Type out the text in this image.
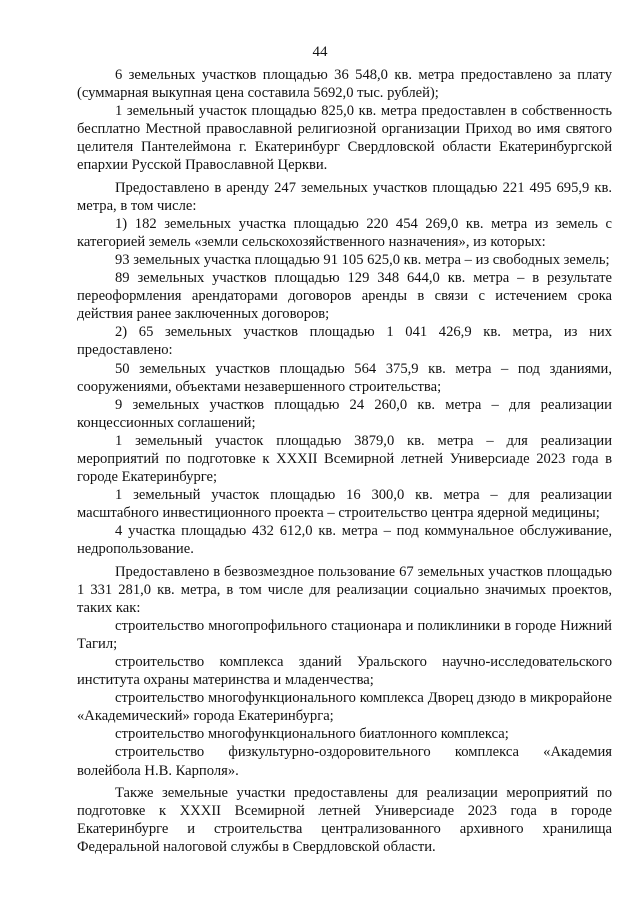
44

6 земельных участков площадью 36 548,0 кв. метра предоставлено за плату (суммарная выкупная цена составила 5692,0 тыс. рублей);

1 земельный участок площадью 825,0 кв. метра предоставлен в собственность бесплатно Местной православной религиозной организации Приход во имя святого целителя Пантелеймона г. Екатеринбург Свердловской области Екатеринбургской епархии Русской Православной Церкви.

Предоставлено в аренду 247 земельных участков площадью 221 495 695,9 кв. метра, в том числе:

1) 182 земельных участка площадью 220 454 269,0 кв. метра из земель с категорией земель «земли сельскохозяйственного назначения», из которых:

93 земельных участка площадью 91 105 625,0 кв. метра – из свободных земель;

89 земельных участков площадью 129 348 644,0 кв. метра – в результате переоформления арендаторами договоров аренды в связи с истечением срока действия ранее заключенных договоров;

2) 65 земельных участков площадью 1 041 426,9 кв. метра, из них предоставлено:

50 земельных участков площадью 564 375,9 кв. метра – под зданиями, сооружениями, объектами незавершенного строительства;

9 земельных участков площадью 24 260,0 кв. метра – для реализации концессионных соглашений;

1 земельный участок площадью 3879,0 кв. метра – для реализации мероприятий по подготовке к XXXII Всемирной летней Универсиаде 2023 года в городе Екатеринбурге;

1 земельный участок площадью 16 300,0 кв. метра – для реализации масштабного инвестиционного проекта – строительство центра ядерной медицины;

4 участка площадью 432 612,0 кв. метра – под коммунальное обслуживание, недропользование.

Предоставлено в безвозмездное пользование 67 земельных участков площадью 1 331 281,0 кв. метра, в том числе для реализации социально значимых проектов, таких как:

строительство многопрофильного стационара и поликлиники в городе Нижний Тагил;

строительство комплекса зданий Уральского научно-исследовательского института охраны материнства и младенчества;

строительство многофункционального комплекса Дворец дзюдо в микрорайоне «Академический» города Екатеринбурга;

строительство многофункционального биатлонного комплекса;

строительство физкультурно-оздоровительного комплекса «Академия волейбола Н.В. Карполя».

Также земельные участки предоставлены для реализации мероприятий по подготовке к XXXII Всемирной летней Универсиаде 2023 года в городе Екатеринбурге и строительства централизованного архивного хранилища Федеральной налоговой службы в Свердловской области.
